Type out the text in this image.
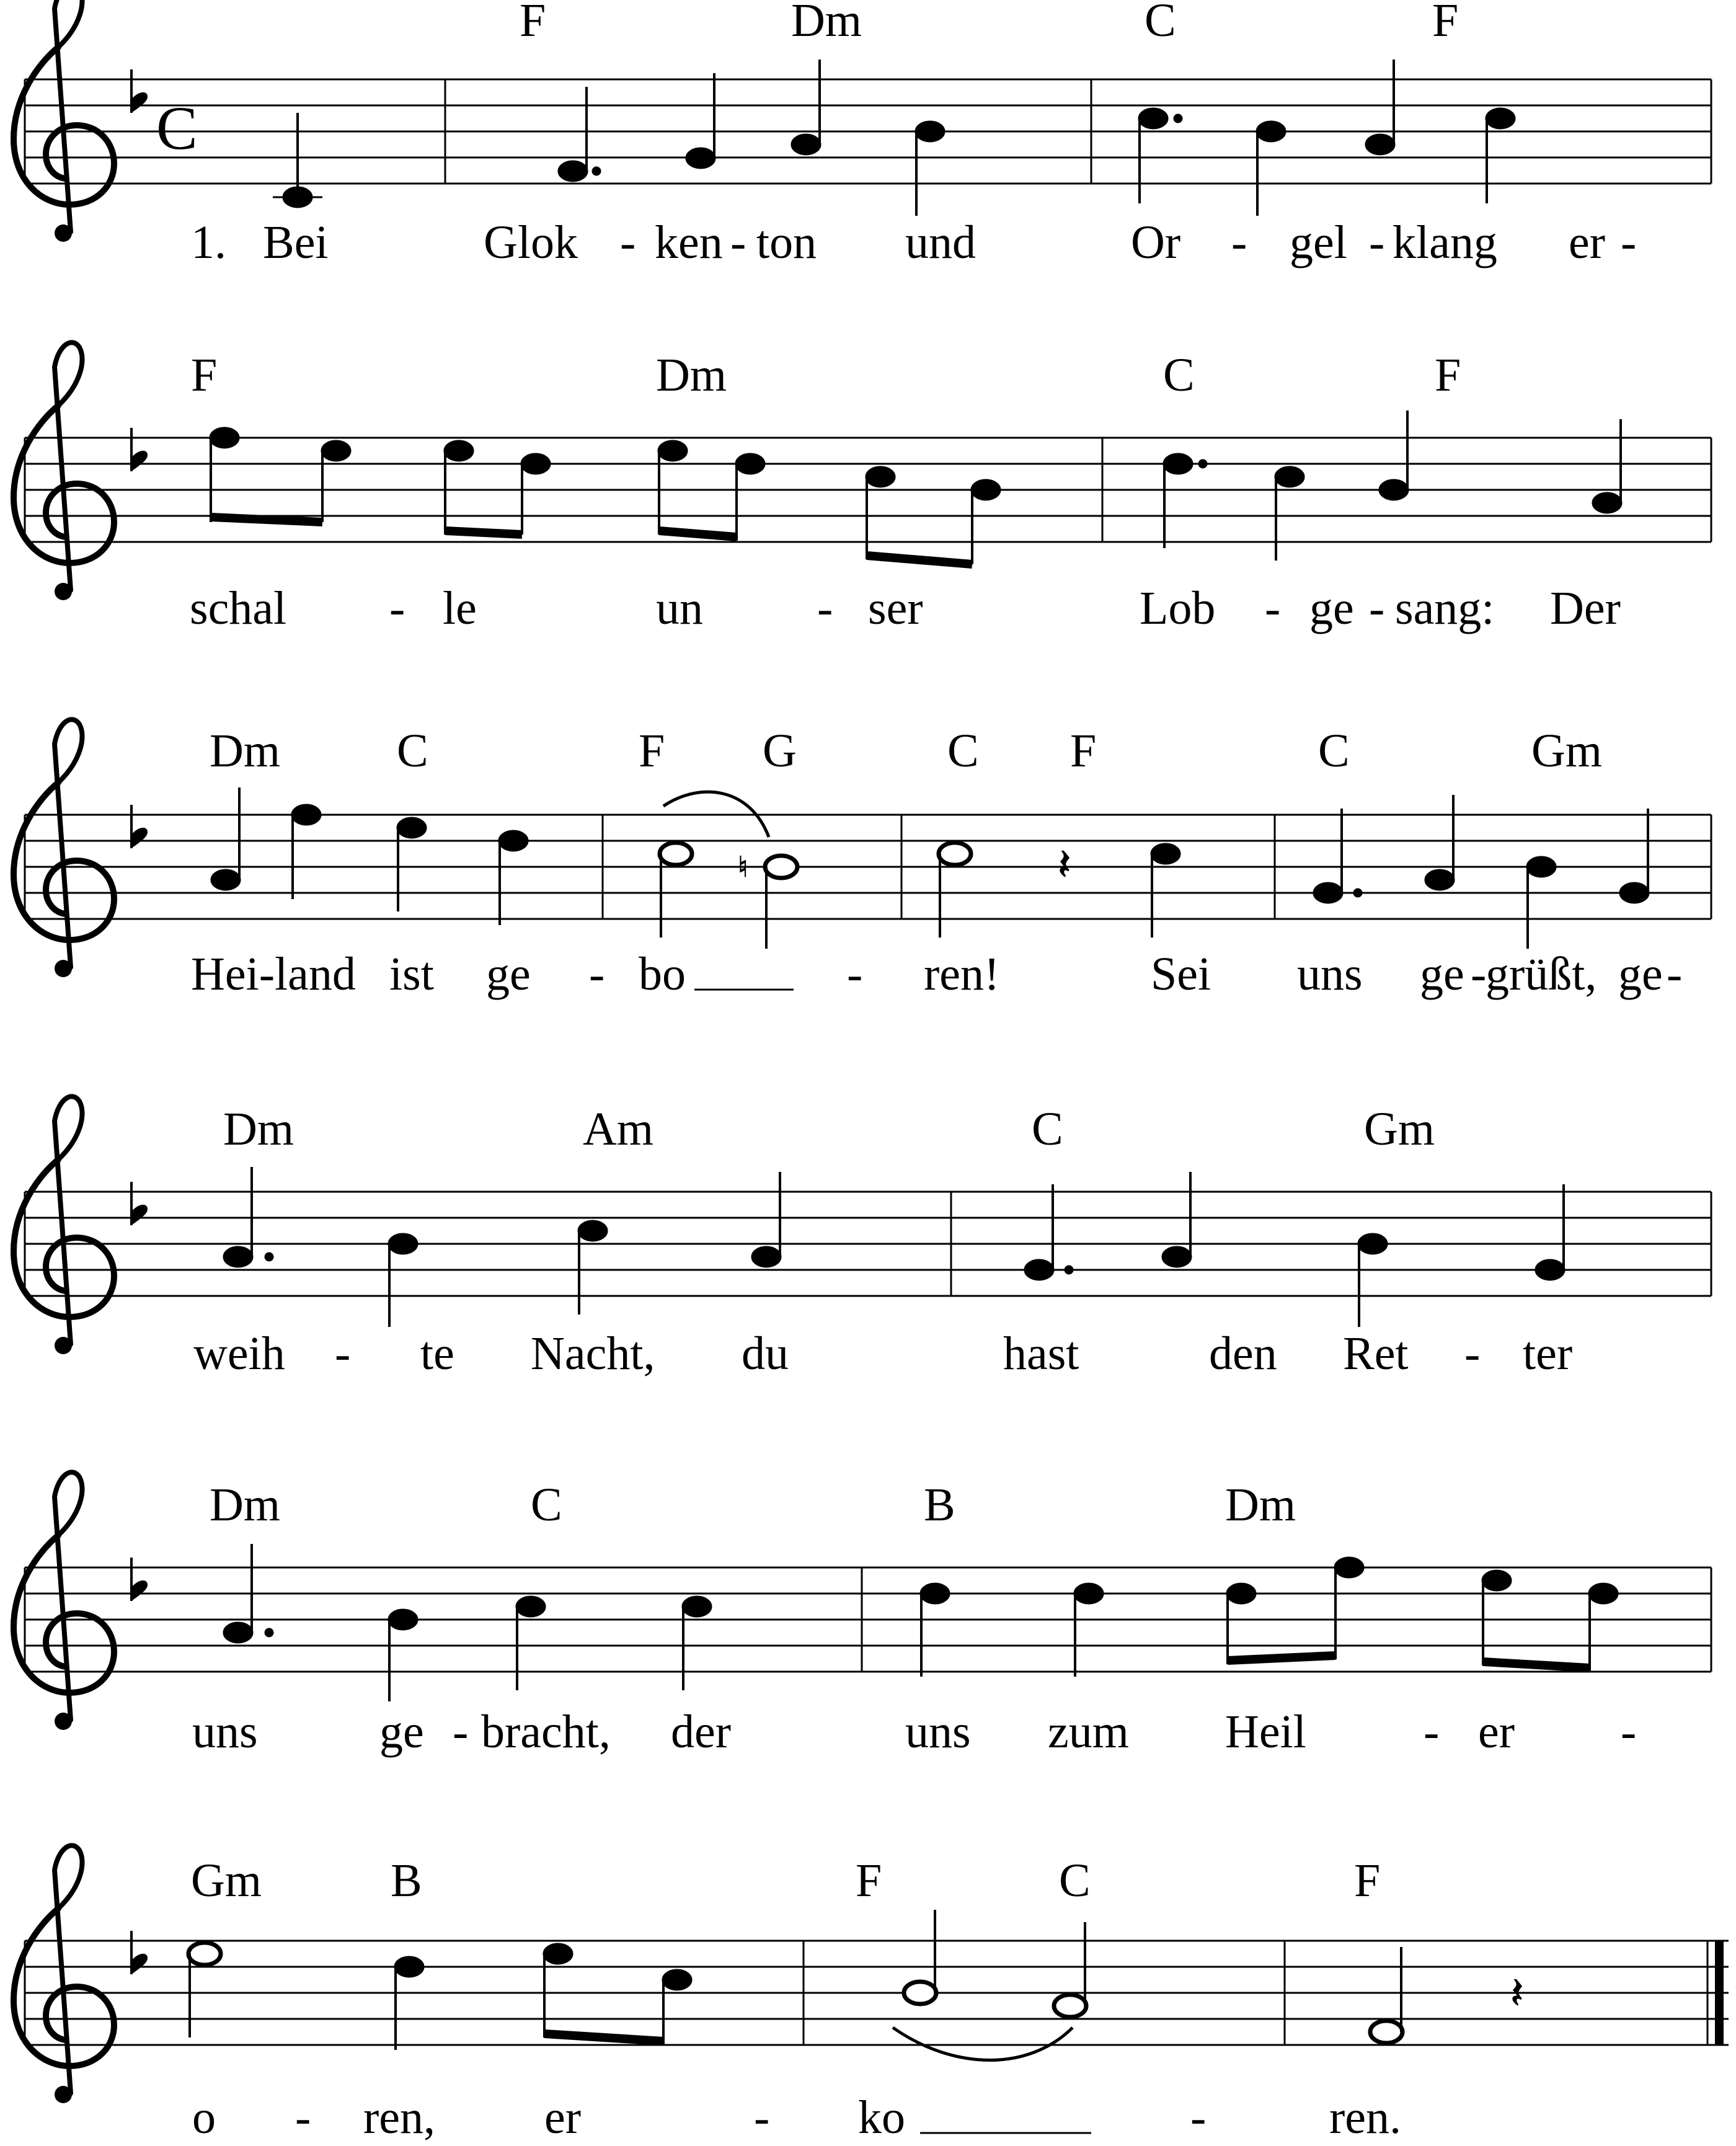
C
♮	𝄽
𝄽
F	Dm	C	F
F	Dm	C	F
Dm C	F G	C F	C	Gm
Dm	Am	C	Gm
Dm	C	B	Dm
Gm	B	F	C	F
1. Bei	Glok - ken - ton und	Or - gel - klang er -
schal - le	un - ser	Lob - ge - sang: Der
Hei-land ist ge - bo	- ren!	Sei uns ge -
grüßt, ge -
weih - te Nacht, du	hast	den Ret - ter
uns	ge - bracht, der	uns zum Heil - er -
o - ren, er	- ko	-	ren.
